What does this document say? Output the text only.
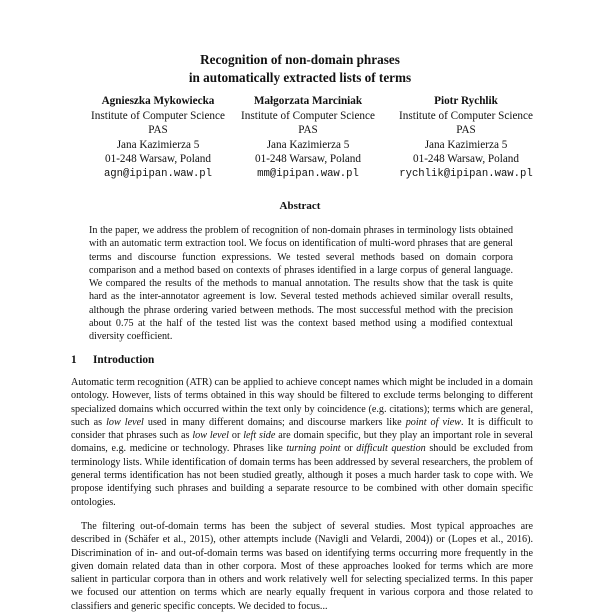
Recognition of non-domain phrases
in automatically extracted lists of terms
Agnieszka Mykowiecka
Institute of Computer Science
PAS
Jana Kazimierza 5
01-248 Warsaw, Poland
agn@ipipan.waw.pl
Małgorzata Marciniak
Institute of Computer Science
PAS
Jana Kazimierza 5
01-248 Warsaw, Poland
mm@ipipan.waw.pl
Piotr Rychlik
Institute of Computer Science
PAS
Jana Kazimierza 5
01-248 Warsaw, Poland
rychlik@ipipan.waw.pl
Abstract

In the paper, we address the problem of recognition of non-domain phrases in terminology lists obtained with an automatic term extraction tool. We focus on identification of multi-word phrases that are general terms and discourse function expressions. We tested several methods based on domain corpora comparison and a method based on contexts of phrases identified in a large corpus of general language. We compared the results of the methods to manual annotation. The results show that the task is quite hard as the inter-annotator agreement is low. Several tested methods achieved similar overall results, although the phrase ordering varied between methods. The most successful method with the precision about 0.75 at the half of the tested list was the context based method using a modified contextual diversity coefficient.

1 Introduction

Automatic term recognition (ATR) can be applied to achieve concept names which might be included in a domain ontology. However, lists of terms obtained in this way should be filtered to exclude terms belonging to different specialized domains which occurred within the text only by coincidence (e.g. citations); terms which are general, such as low level used in many different domains; and discourse markers like point of view. It is difficult to consider that phrases such as low level or left side are domain specific, but they play an important role in several domains, e.g. medicine or technology. Phrases like turning point or difficult question should be excluded from terminology lists. While identification of domain terms has been addressed by several researchers, the problem of general terms identification has not been studied greatly, although it poses a much harder task to cope with. We propose identifying such phrases and building a separate resource to be combined with other domain specific ontologies.

The filtering out-of-domain terms has been the subject of several studies. Most typical approaches are described in (Schäfer et al., 2015), other attempts include (Navigli and Velardi, 2004)) or (Lopes et al., 2016). Discrimination of in- and out-of-domain terms was based on identifying terms occurring more frequently in the given domain related data than in other corpora. Most of these approaches looked for terms which are more salient in particular corpora than in others and work relatively well for selecting specialized terms. In this paper we focused our attention on terms which are nearly equally frequent in various corpora and those related to classifiers and generic specific concepts. We decided to focus...
